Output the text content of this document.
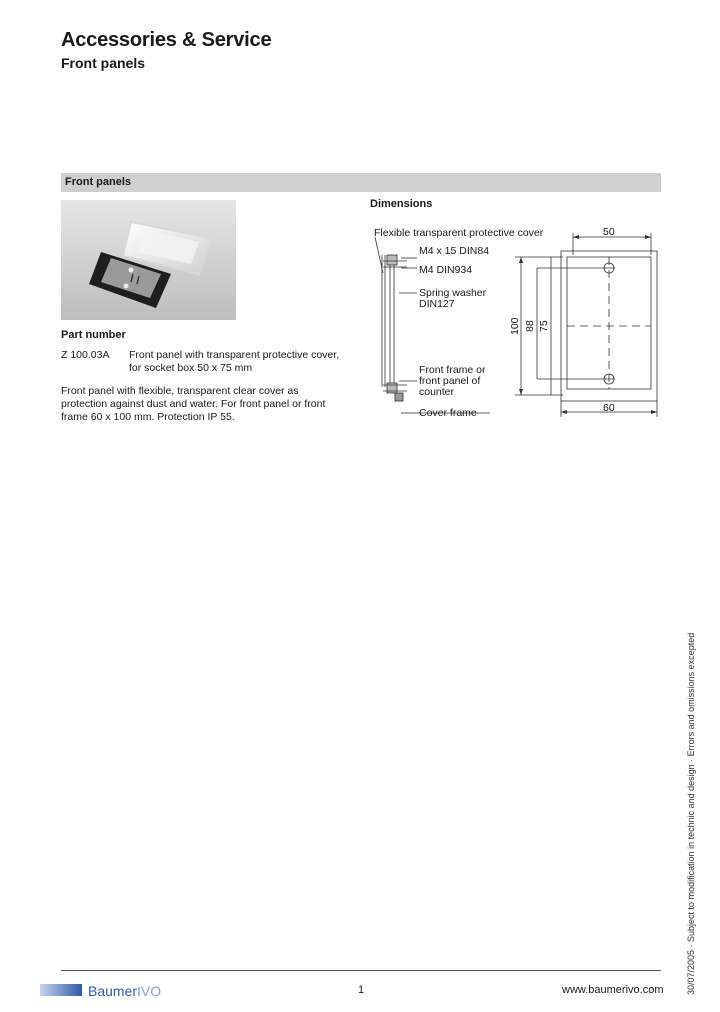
Accessories & Service
Front panels
Front panels
Part number
Z 100.03A Front panel with transparent protective cover,
for socket box 50 x 75 mm
Front panel with flexible, transparent clear cover as
protection against dust and water. For front panel or front
frame 60 x 100 mm. Protection IP 55.
Dimensions
Flexible transparent protective cover
M4 x 15 DIN84
M4 DIN934
Spring washer
DIN127
Front frame or
front panel of
counter
Cover frame
50
60
100 88 75
30/07/2005 · Subject to modification in technic and design · Errors and omissions excepted
BaumerIVO	1	www.baumerivo.com
